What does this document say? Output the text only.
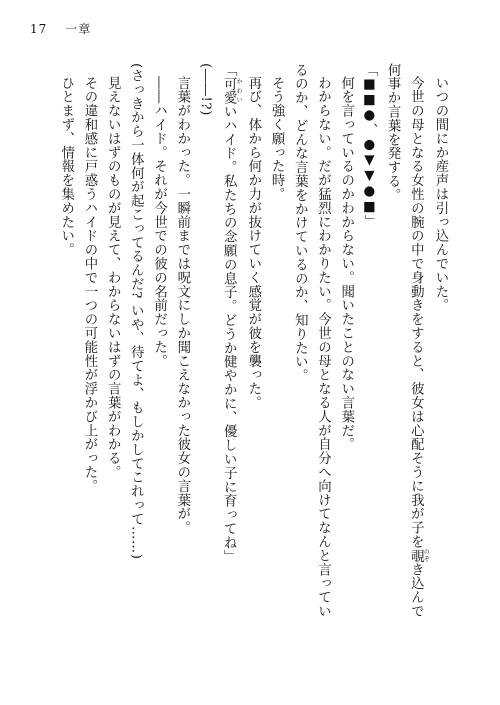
17 一章
いつの間にか産声は引っ込んでいた。
今世の母となる女性の腕の中で身動きをすると、彼女は心配そうに我が子を覗 のぞき込んで
何事か言葉を発する。
「■■●、●▼▼●■」
何を言っているのかわからない。聞いたことのない言葉だ。
わからない。だが猛烈にわかりたい。今世の母となる人が自分へ向けてなんと言ってい
るのか、どんな言葉をかけているのか、知りたい。
そう強く願った時。
再び、体から何か力が抜けていく感覚が彼を襲った。
「可愛 かわいいハイド。私たちの念願の息子。どうか健やかに、優しい子に育ってね」
(――!?)
言葉がわかった。一瞬前までは呪文にしか聞こえなかった彼女の言葉が。
――ハイド。それが今世での彼の名前だった。
(さっきから一体何が起こってるんだ? いや、待てよ、もしかしてこれって……)
見えないはずのものが見えて、わからないはずの言葉がわかる。
その違和感に戸惑うハイドの中で一つの可能性が浮かび上がった。
ひとまず、情報を集めたい。
